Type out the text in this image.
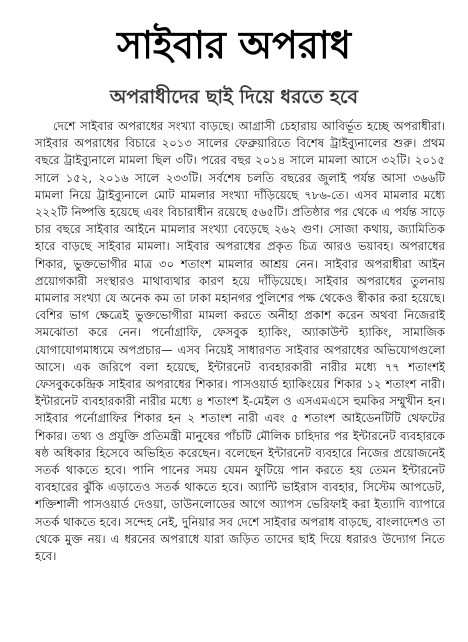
সাইবার অপরাধ
অপরাধীদের ছাই দিয়ে ধরতে হবে

দেশে সাইবার অপরাধের সংখ্যা বাড়ছে। আগ্রাসী চেহারায় আবির্ভূত হচ্ছে অপরাধীরা। সাইবার অপরাধের বিচারে ২০১৩ সালের ফেব্রুয়ারিতে বিশেষ ট্রাইব্যুনালের শুরু। প্রথম বছরে ট্রাইব্যুনালে মামলা ছিল ৩টি। পরের বছর ২০১৪ সালে মামলা আসে ৩২টি। ২০১৫ সালে ১৫২, ২০১৬ সালে ২৩৩টি। সর্বশেষ চলতি বছরের জুলাই পর্যন্ত আসা ৩৬৬টি মামলা নিয়ে ট্রাইব্যুনালে মোট মামলার সংখ্যা দাঁড়িয়েছে ৭৮৬-তে। এসব মামলার মধ্যে ২২২টি নিষ্পত্তি হয়েছে এবং বিচারাধীন রয়েছে ৫৬৫টি। প্রতিষ্ঠার পর থেকে এ পর্যন্ত সাড়ে চার বছরে সাইবার আইনে মামলার সংখ্যা বেড়েছে ২৬২ গুণ। সোজা কথায়, জ্যামিতিক হারে বাড়ছে সাইবার মামলা। সাইবার অপরাধের প্রকৃত চিত্র আরও ভয়াবহ। অপরাধের শিকার, ভুক্তভোগীর মাত্র ৩০ শতাংশ মামলার আশ্রয় নেন। সাইবার অপরাধীরা আইন প্রয়োগকারী সংস্থারও মাথাব্যথার কারণ হয়ে দাঁড়িয়েছে। সাইবার অপরাধের তুলনায় মামলার সংখ্যা যে অনেক কম তা ঢাকা মহানগর পুলিশের পক্ষ থেকেও স্বীকার করা হয়েছে। বেশির ভাগ ক্ষেত্রেই ভুক্তভোগীরা মামলা করতে অনীহা প্রকাশ করেন অথবা নিজেরাই সমঝোতা করে নেন। পর্নোগ্রাফি, ফেসবুক হ্যাকিং, অ্যাকাউন্ট হ্যাকিং, সামাজিক যোগাযোগমাধ্যমে অপপ্রচার— এসব নিয়েই সাধারণত সাইবার অপরাধের অভিযোগগুলো আসে। এক জরিপে বলা হয়েছে, ইন্টারনেট ব্যবহারকারী নারীর মধ্যে ৭৭ শতাংশই ফেসবুককেন্দ্রিক সাইবার অপরাধের শিকার। পাসওয়ার্ড হ্যাকিংয়ের শিকার ১২ শতাংশ নারী। ইন্টারনেট ব্যবহারকারী নারীর মধ্যে ৪ শতাংশ ই-মেইল ও এসএমএসে হুমকির সম্মুখীন হন। সাইবার পর্নোগ্রাফির শিকার হন ২ শতাংশ নারী এবং ৫ শতাংশ আইডেনটিটি থেফটের শিকার। তথ্য ও প্রযুক্তি প্রতিমন্ত্রী মানুষের পাঁচটি মৌলিক চাহিদার পর ইন্টারনেট ব্যবহারকে ষষ্ঠ অধিকার হিসেবে অভিহিত করেছেন। বলেছেন ইন্টারনেট ব্যবহারে নিজের প্রয়োজনেই সতর্ক থাকতে হবে। পানি পানের সময় যেমন ফুটিয়ে পান করতে হয় তেমন ইন্টারনেট ব্যবহারের ঝুঁকি এড়াতেও সতর্ক থাকতে হবে। অ্যান্টি ভাইরাস ব্যবহার, সিস্টেম আপডেট, শক্তিশালী পাসওয়ার্ড দেওয়া, ডাউনলোডের আগে অ্যাপস ভেরিফাই করা ইত্যাদি ব্যাপারে সতর্ক থাকতে হবে। সন্দেহ নেই, দুনিয়ার সব দেশে সাইবার অপরাধ বাড়ছে, বাংলাদেশও তা থেকে মুক্ত নয়। এ ধরনের অপরাধে যারা জড়িত তাদের ছাই দিয়ে ধরারও উদ্যোগ নিতে হবে।
